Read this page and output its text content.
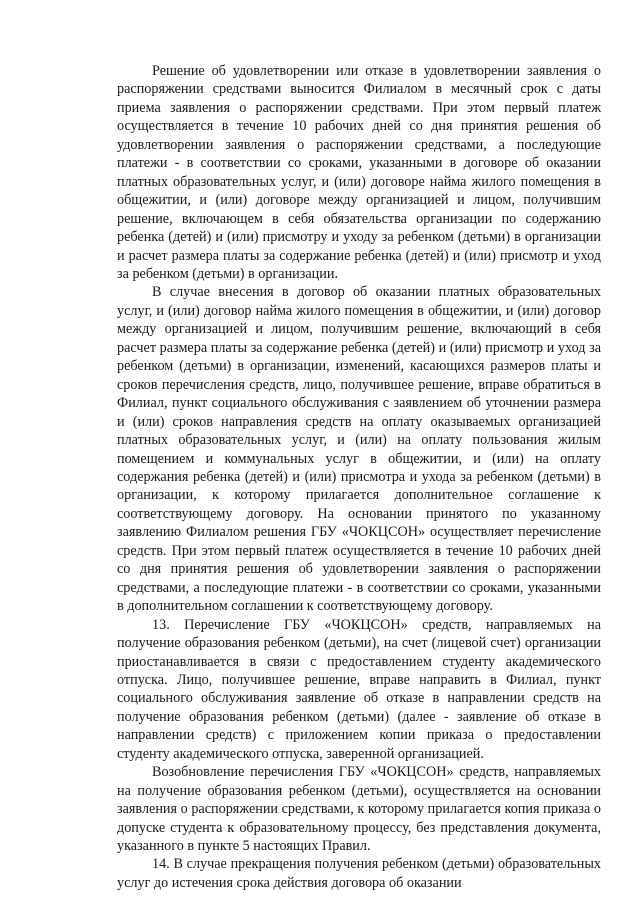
Решение об удовлетворении или отказе в удовлетворении заявления о распоряжении средствами выносится Филиалом в месячный срок с даты приема заявления о распоряжении средствами. При этом первый платеж осуществляется в течение 10 рабочих дней со дня принятия решения об удовлетворении заявления о распоряжении средствами, а последующие платежи - в соответствии со сроками, указанными в договоре об оказании платных образовательных услуг, и (или) договоре найма жилого помещения в общежитии, и (или) договоре между организацией и лицом, получившим решение, включающем в себя обязательства организации по содержанию ребенка (детей) и (или) присмотру и уходу за ребенком (детьми) в организации и расчет размера платы за содержание ребенка (детей) и (или) присмотр и уход за ребенком (детьми) в организации.

В случае внесения в договор об оказании платных образовательных услуг, и (или) договор найма жилого помещения в общежитии, и (или) договор между организацией и лицом, получившим решение, включающий в себя расчет размера платы за содержание ребенка (детей) и (или) присмотр и уход за ребенком (детьми) в организации, изменений, касающихся размеров платы и сроков перечисления средств, лицо, получившее решение, вправе обратиться в Филиал, пункт социального обслуживания с заявлением об уточнении размера и (или) сроков направления средств на оплату оказываемых организацией платных образовательных услуг, и (или) на оплату пользования жилым помещением и коммунальных услуг в общежитии, и (или) на оплату содержания ребенка (детей) и (или) присмотра и ухода за ребенком (детьми) в организации, к которому прилагается дополнительное соглашение к соответствующему договору. На основании принятого по указанному заявлению Филиалом решения ГБУ «ЧОКЦСОН» осуществляет перечисление средств. При этом первый платеж осуществляется в течение 10 рабочих дней со дня принятия решения об удовлетворении заявления о распоряжении средствами, а последующие платежи - в соответствии со сроками, указанными в дополнительном соглашении к соответствующему договору.

13. Перечисление ГБУ «ЧОКЦСОН» средств, направляемых на получение образования ребенком (детьми), на счет (лицевой счет) организации приостанавливается в связи с предоставлением студенту академического отпуска. Лицо, получившее решение, вправе направить в Филиал, пункт социального обслуживания заявление об отказе в направлении средств на получение образования ребенком (детьми) (далее - заявление об отказе в направлении средств) с приложением копии приказа о предоставлении студенту академического отпуска, заверенной организацией.

Возобновление перечисления ГБУ «ЧОКЦСОН» средств, направляемых на получение образования ребенком (детьми), осуществляется на основании заявления о распоряжении средствами, к которому прилагается копия приказа о допуске студента к образовательному процессу, без представления документа, указанного в пункте 5 настоящих Правил.

14. В случае прекращения получения ребенком (детьми) образовательных услуг до истечения срока действия договора об оказании
